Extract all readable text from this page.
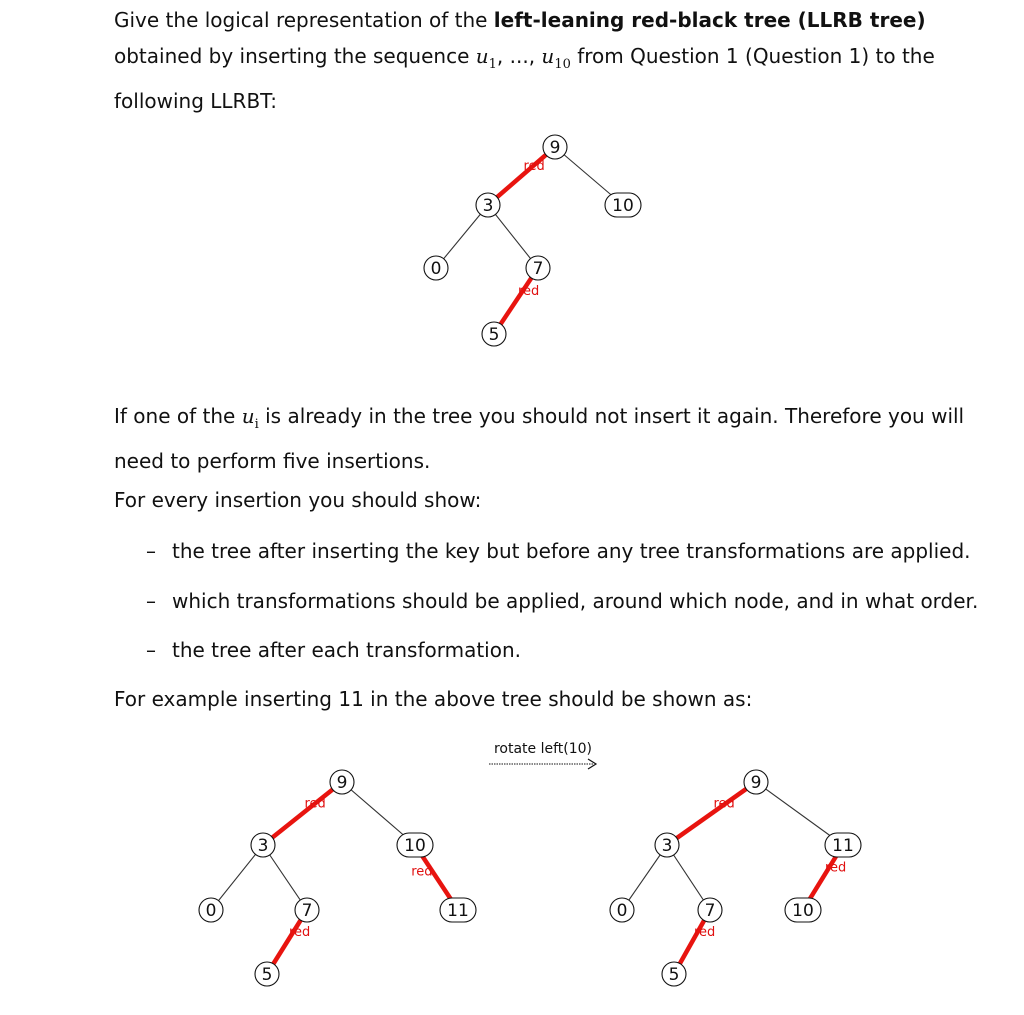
Give the logical representation of the left-leaning red-black tree (LLRB tree)
obtained by inserting the sequence $u_1$, ..., $u_{10}$ from Question 1 (Question 1) to the
following LLRBT:
red
red
9
3	10
0	7
5
If one of the $u_i$ is already in the tree you should not insert it again. Therefore you will
need to perform five insertions.
For every insertion you should show:
– the tree after inserting the key but before any tree transformations are applied.
– which transformations should be applied, around which node, and in what order.
– the tree after each transformation.
For example inserting 11 in the above tree should be shown as:
red
red
red
9
3	10
0	7
5
11
red
red
red
9
3	11
0	7
5
10
rotate left(10)
